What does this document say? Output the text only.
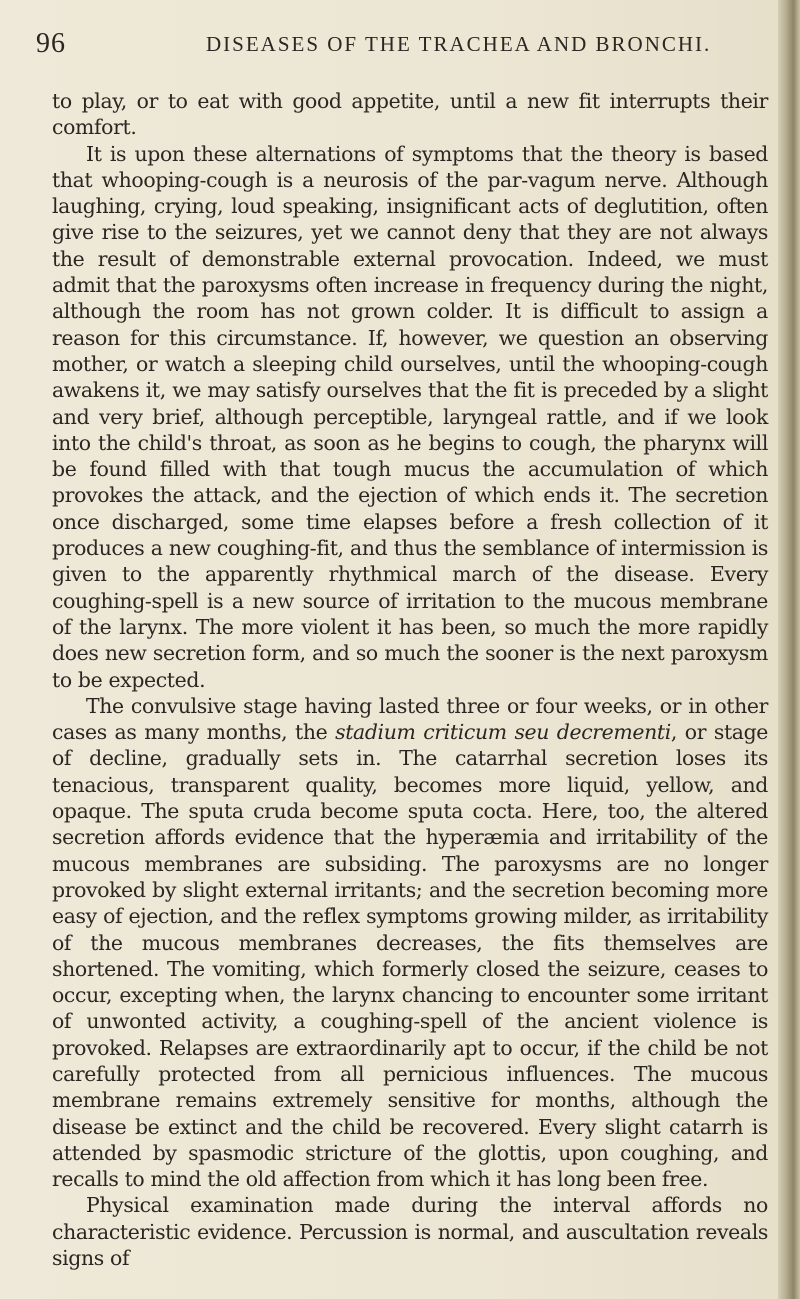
96	DISEASES OF THE TRACHEA AND BRONCHI.

to play, or to eat with good appetite, until a new fit interrupts their comfort.

It is upon these alternations of symptoms that the theory is based that whooping-cough is a neurosis of the par-vagum nerve. Although laughing, crying, loud speaking, insignificant acts of deglutition, often give rise to the seizures, yet we cannot deny that they are not always the result of demonstrable external provocation. Indeed, we must admit that the paroxysms often increase in frequency during the night, although the room has not grown colder. It is difficult to assign a reason for this circumstance. If, however, we question an observing mother, or watch a sleeping child ourselves, until the whooping-cough awakens it, we may satisfy ourselves that the fit is preceded by a slight and very brief, although perceptible, laryngeal rattle, and if we look into the child's throat, as soon as he begins to cough, the pharynx will be found filled with that tough mucus the accumulation of which provokes the attack, and the ejection of which ends it. The secretion once discharged, some time elapses before a fresh collection of it produces a new coughing-fit, and thus the semblance of intermission is given to the apparently rhythmical march of the disease. Every coughing-spell is a new source of irritation to the mucous membrane of the larynx. The more violent it has been, so much the more rapidly does new secretion form, and so much the sooner is the next paroxysm to be expected.

The convulsive stage having lasted three or four weeks, or in other cases as many months, the stadium criticum seu decrementi, or stage of decline, gradually sets in. The catarrhal secretion loses its tenacious, transparent quality, becomes more liquid, yellow, and opaque. The sputa cruda become sputa cocta. Here, too, the altered secretion affords evidence that the hyperæmia and irritability of the mucous membranes are subsiding. The paroxysms are no longer provoked by slight external irritants; and the secretion becoming more easy of ejection, and the reflex symptoms growing milder, as irritability of the mucous membranes decreases, the fits themselves are shortened. The vomiting, which formerly closed the seizure, ceases to occur, excepting when, the larynx chancing to encounter some irritant of unwonted activity, a coughing-spell of the ancient violence is provoked. Relapses are extraordinarily apt to occur, if the child be not carefully protected from all pernicious influences. The mucous membrane remains extremely sensitive for months, although the disease be extinct and the child be recovered. Every slight catarrh is attended by spasmodic stricture of the glottis, upon coughing, and recalls to mind the old affection from which it has long been free.

Physical examination made during the interval affords no characteristic evidence. Percussion is normal, and auscultation reveals signs of
